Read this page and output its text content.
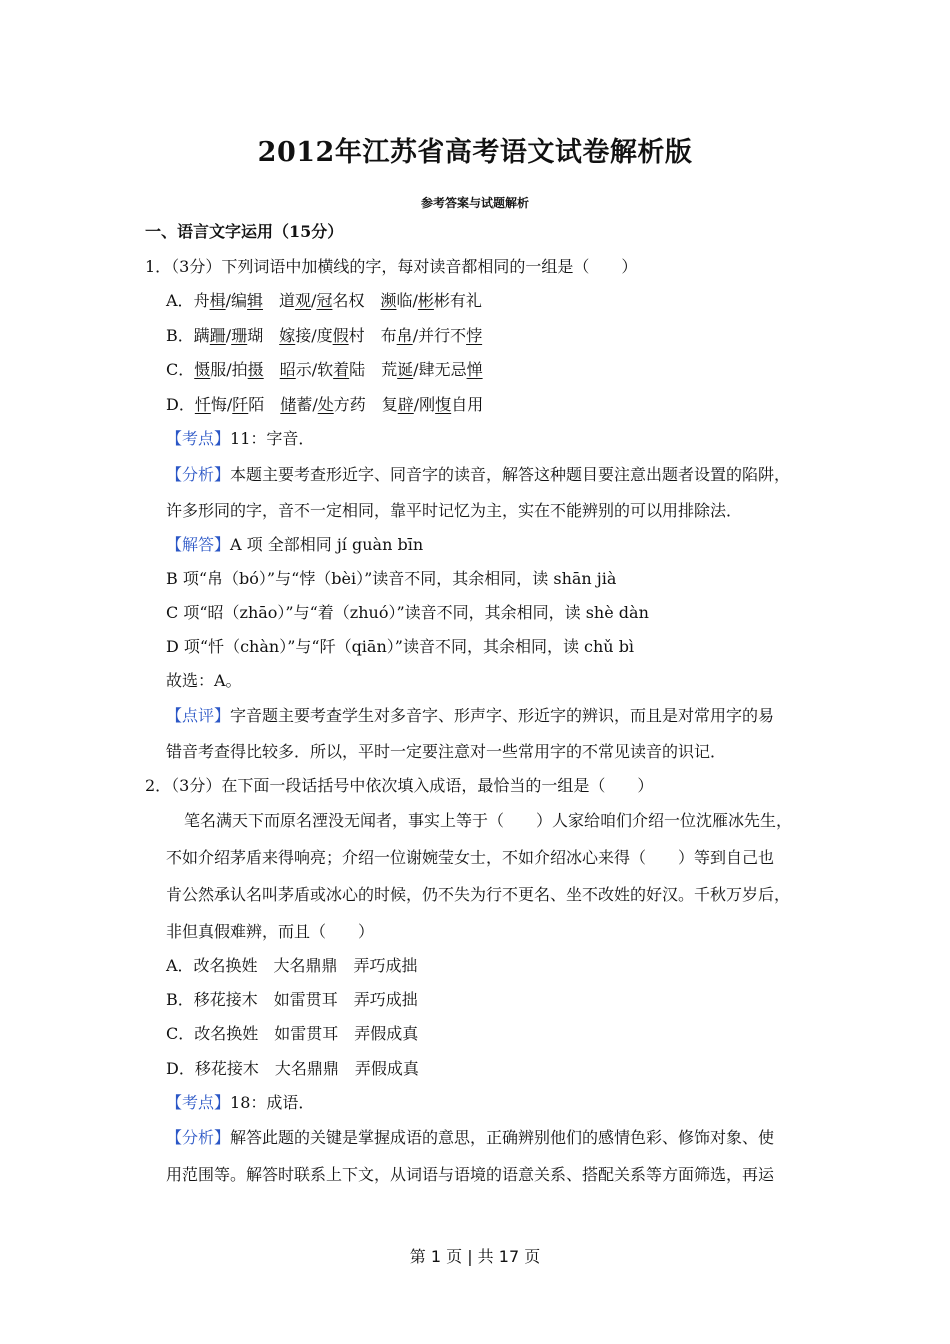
2012年江苏省高考语文试卷解析版
参考答案与试题解析
一、语言文字运用（15分）
1．（3分）下列词语中加横线的字，每对读音都相同的一组是（　　）
A．舟楫/编辑　道观/冠名权　濒临/彬彬有礼
B．蹒跚/珊瑚　嫁接/度假村　布帛/并行不悖
C．慑服/拍摄　 昭示/软着陆　荒诞/肆无忌惮
D．忏悔/阡陌　储蓄/处方药　复辟/刚愎自用
【考点】11：字音．
【分析】本题主要考查形近字、同音字的读音，解答这种题目要注意出题者设置的陷阱，
许多形同的字，音不一定相同，靠平时记忆为主，实在不能辨别的可以用排除法．
【解答】A 项 全部相同 jí guàn bīn
B 项“帛（bó）”与“悖（bèi）”读音不同，其余相同，读 shān jià
C 项“昭（zhāo）”与“着（zhuó）”读音不同，其余相同，读 shè dàn
D 项“忏（chàn）”与“阡（qiān）”读音不同，其余相同，读 chǔ bì
故选：A。
【点评】字音题主要考查学生对多音字、形声字、形近字的辨识，而且是对常用字的易
错音考查得比较多．所以，平时一定要注意对一些常用字的不常见读音的识记．
2．（3分）在下面一段话括号中依次填入成语，最恰当的一组是（　　）
笔名满天下而原名湮没无闻者，事实上等于（　　）人家给咱们介绍一位沈雁冰先生，
不如介绍茅盾来得响亮；介绍一位谢婉莹女士，不如介绍冰心来得（　　）等到自己也
肯公然承认名叫茅盾或冰心的时候，仍不失为行不更名、坐不改姓的好汉。千秋万岁后，
非但真假难辨，而且（　　）
A．改名换姓　大名鼎鼎　弄巧成拙
B．移花接木　如雷贯耳　弄巧成拙
C．改名换姓　如雷贯耳　弄假成真
D．移花接木　大名鼎鼎　弄假成真
【考点】18：成语．
【分析】解答此题的关键是掌握成语的意思，正确辨别他们的感情色彩、修饰对象、使
用范围等。解答时联系上下文，从词语与语境的语意关系、搭配关系等方面筛选，再运
第 1 页 | 共 17 页
